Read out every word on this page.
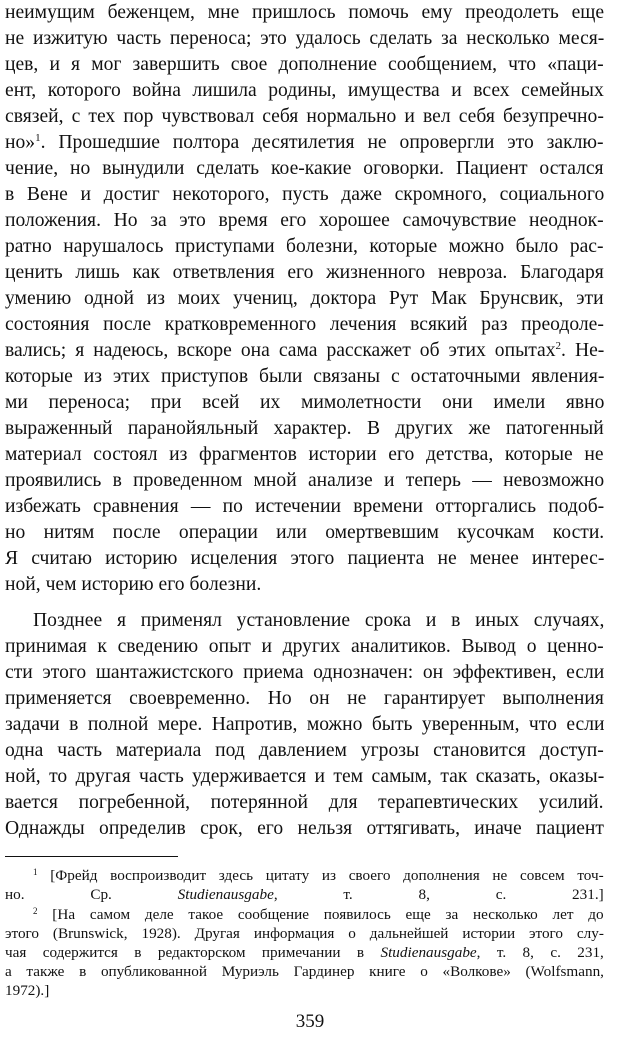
неимущим беженцем, мне пришлось помочь ему преодолеть еще
не изжитую часть переноса; это удалось сделать за несколько меся-
цев, и я мог завершить свое дополнение сообщением, что «паци-
ент, которого война лишила родины, имущества и всех семейных
связей, с тех пор чувствовал себя нормально и вел себя безупречно-
но»$^1$. Прошедшие полтора десятилетия не опровергли это заклю-
чение, но вынудили сделать кое-какие оговорки. Пациент остался
в Вене и достиг некоторого, пусть даже скромного, социального
положения. Но за это время его хорошее самочувствие неоднок-
ратно нарушалось приступами болезни, которые можно было рас-
ценить лишь как ответвления его жизненного невроза. Благодаря
умению одной из моих учениц, доктора Рут Мак Брунсвик, эти
состояния после кратковременного лечения всякий раз преодоле-
вались; я надеюсь, вскоре она сама расскажет об этих опытах$^2$. Не-
которые из этих приступов были связаны с остаточными явления-
ми переноса; при всей их мимолетности они имели явно
выраженный паранойяльный характер. В других же патогенный
материал состоял из фрагментов истории его детства, которые не
проявились в проведенном мной анализе и теперь — невозможно
избежать сравнения — по истечении времени отторгались подоб-
но нитям после операции или омертвевшим кусочкам кости.
Я считаю историю исцеления этого пациента не менее интерес-
ной, чем историю его болезни.
Позднее я применял установление срока и в иных случаях,
принимая к сведению опыт и других аналитиков. Вывод о ценно-
сти этого шантажистского приема однозначен: он эффективен, если
применяется своевременно. Но он не гарантирует выполнения
задачи в полной мере. Напротив, можно быть уверенным, что если
одна часть материала под давлением угрозы становится доступ-
ной, то другая часть удерживается и тем самым, так сказать, оказы-
вается погребенной, потерянной для терапевтических усилий.
Однажды определив срок, его нельзя оттягивать, иначе пациент
$^1$ [Фрейд воспроизводит здесь цитату из своего дополнения не совсем точ-
но. Ср. Studienausgabe, т. 8, с. 231.]
$^2$ [На самом деле такое сообщение появилось еще за несколько лет до
этого (Brunswick, 1928). Другая информация о дальнейшей истории этого слу-
чая содержится в редакторском примечании в Studienausgabe, т. 8, с. 231,
а также в опубликованной Муриэль Гардинер книге о «Волкове» (Wolfsmann,
1972).]
359
